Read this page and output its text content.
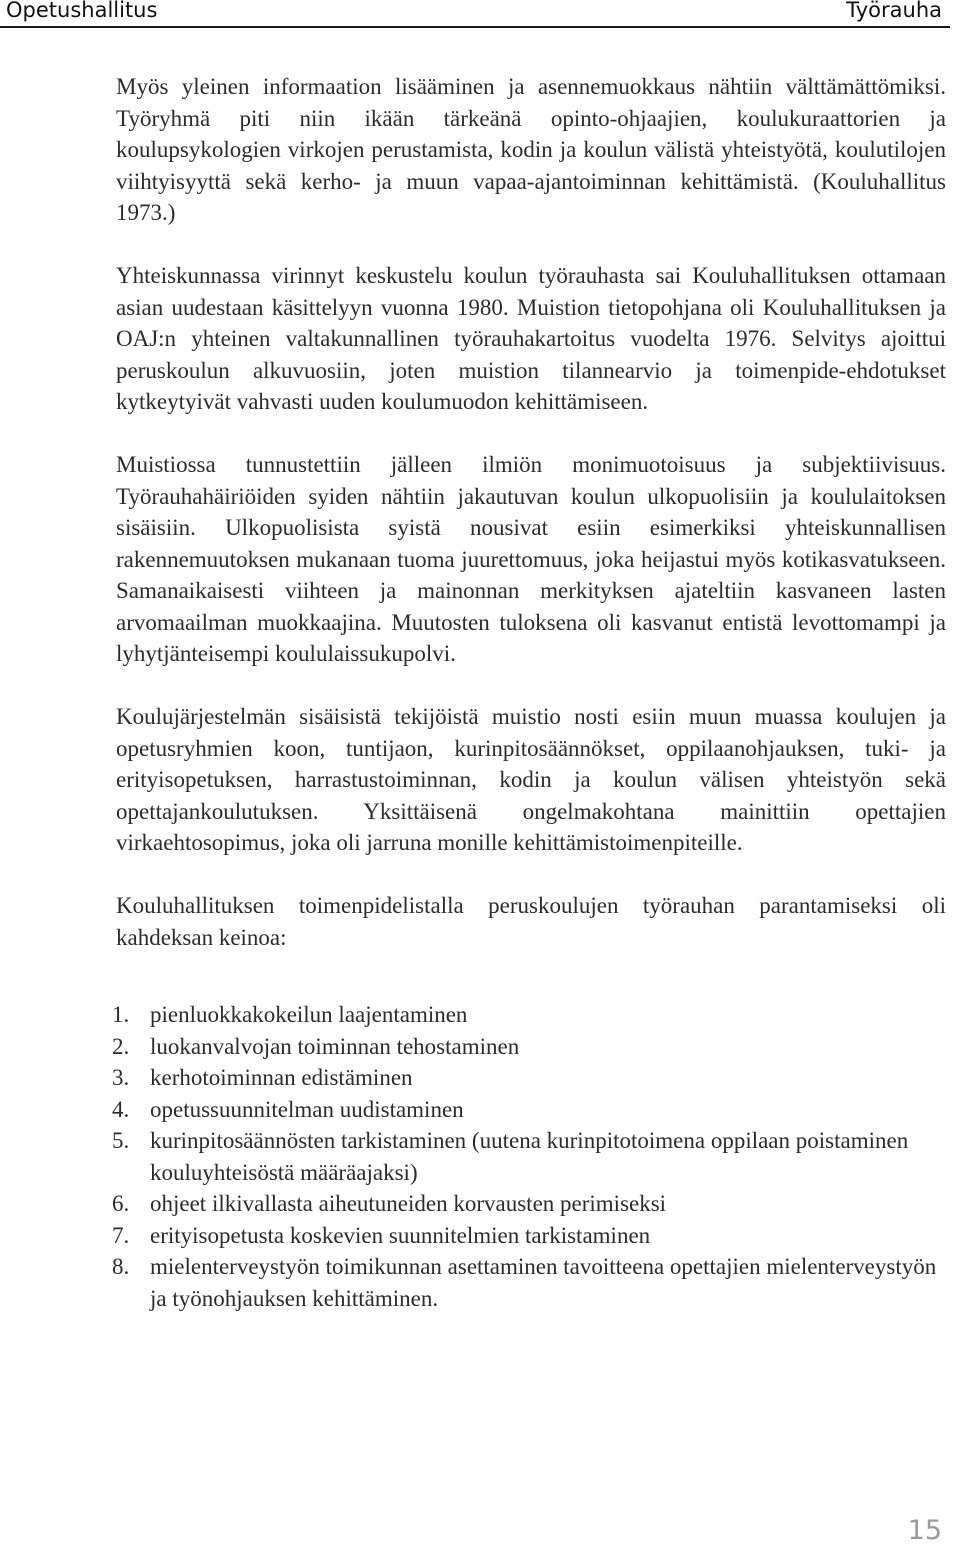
Opetushallitus	Työrauha

Myös yleinen informaation lisääminen ja asennemuokkaus nähtiin välttämättömiksi. Työryhmä piti niin ikään tärkeänä opinto-ohjaajien, koulukuraattorien ja koulupsykologien virkojen perustamista, kodin ja koulun välistä yhteistyötä, koulutilojen viihtyisyyttä sekä kerho- ja muun vapaa-ajantoiminnan kehittämistä. (Kouluhallitus 1973.)

Yhteiskunnassa virinnyt keskustelu koulun työrauhasta sai Kouluhallituksen ottamaan asian uudestaan käsittelyyn vuonna 1980. Muistion tietopohjana oli Kouluhallituksen ja OAJ:n yhteinen valtakunnallinen työrauhakartoitus vuodelta 1976. Selvitys ajoittui peruskoulun alkuvuosiin, joten muistion tilannearvio ja toimenpide-ehdotukset kytkeytyivät vahvasti uuden koulumuodon kehittämiseen.

Muistiossa tunnustettiin jälleen ilmiön monimuotoisuus ja subjektiivisuus. Työrauhahäiriöiden syiden nähtiin jakautuvan koulun ulkopuolisiin ja koululaitoksen sisäisiin. Ulkopuolisista syistä nousivat esiin esimerkiksi yhteiskunnallisen rakennemuutoksen mukanaan tuoma juurettomuus, joka heijastui myös kotikasvatukseen. Samanaikaisesti viihteen ja mainonnan merkityksen ajateltiin kasvaneen lasten arvomaailman muokkaajina. Muutosten tuloksena oli kasvanut entistä levottomampi ja lyhytjänteisempi koululaissukupolvi.

Koulujärjestelmän sisäisistä tekijöistä muistio nosti esiin muun muassa koulujen ja opetusryhmien koon, tuntijaon, kurinpitosäännökset, oppilaanohjauksen, tuki- ja erityisopetuksen, harrastustoiminnan, kodin ja koulun välisen yhteistyön sekä opettajankoulutuksen. Yksittäisenä ongelmakohtana mainittiin opettajien virkaehtosopimus, joka oli jarruna monille kehittämistoimenpiteille.

Kouluhallituksen toimenpidelistalla peruskoulujen työrauhan parantamiseksi oli kahdeksan keinoa:

1. pienluokkakokeilun laajentaminen
2. luokanvalvojan toiminnan tehostaminen
3. kerhotoiminnan edistäminen
4. opetussuunnitelman uudistaminen
5. kurinpitosäännösten tarkistaminen (uutena kurinpitotoimena oppilaan poistaminen kouluyhteisöstä määräajaksi)
6. ohjeet ilkivallasta aiheutuneiden korvausten perimiseksi
7. erityisopetusta koskevien suunnitelmien tarkistaminen
8. mielenterveystyön toimikunnan asettaminen tavoitteena opettajien mielenterveystyön ja työnohjauksen kehittäminen.
15
